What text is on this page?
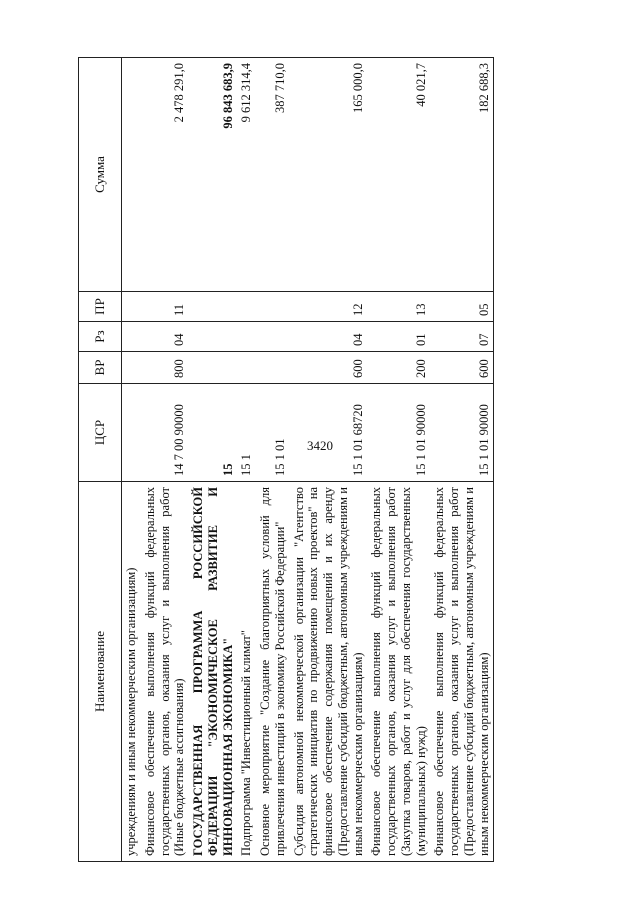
3420
Наименование	ЦСР	ВР	Рз	ПР	Сумма
учреждениям и иным некоммерческим организациям)					
Финансовое обеспечение выполнения функций федеральных государственных органов, оказания услуг и выполнения работ (Иные бюджетные ассигнования)	14 7 00 90000	800	04	11	2 478 291,0
ГОСУДАРСТВЕННАЯ ПРОГРАММА РОССИЙСКОЙ ФЕДЕРАЦИИ "ЭКОНОМИЧЕСКОЕ РАЗВИТИЕ И ИННОВАЦИОННАЯ ЭКОНОМИКА"	15				96 843 683,9
Подпрограмма "Инвестиционный климат"	15 1				9 612 314,4
Основное мероприятие "Создание благоприятных условий для привлечения инвестиций в экономику Российской Федерации"	15 1 01				387 710,0
Субсидия автономной некоммерческой организации "Агентство стратегических инициатив по продвижению новых проектов" на финансовое обеспечение содержания помещений и их аренду (Предоставление субсидий бюджетным, автономным учреждениям и иным некоммерческим организациям)	15 1 01 68720	600	04	12	165 000,0
Финансовое обеспечение выполнения функций федеральных государственных органов, оказания услуг и выполнения работ (Закупка товаров, работ и услуг для обеспечения государственных (муниципальных) нужд)	15 1 01 90000	200	01	13	40 021,7
Финансовое обеспечение выполнения функций федеральных государственных органов, оказания услуг и выполнения работ (Предоставление субсидий бюджетным, автономным учреждениям и иным некоммерческим организациям)	15 1 01 90000	600	07	05	182 688,3
